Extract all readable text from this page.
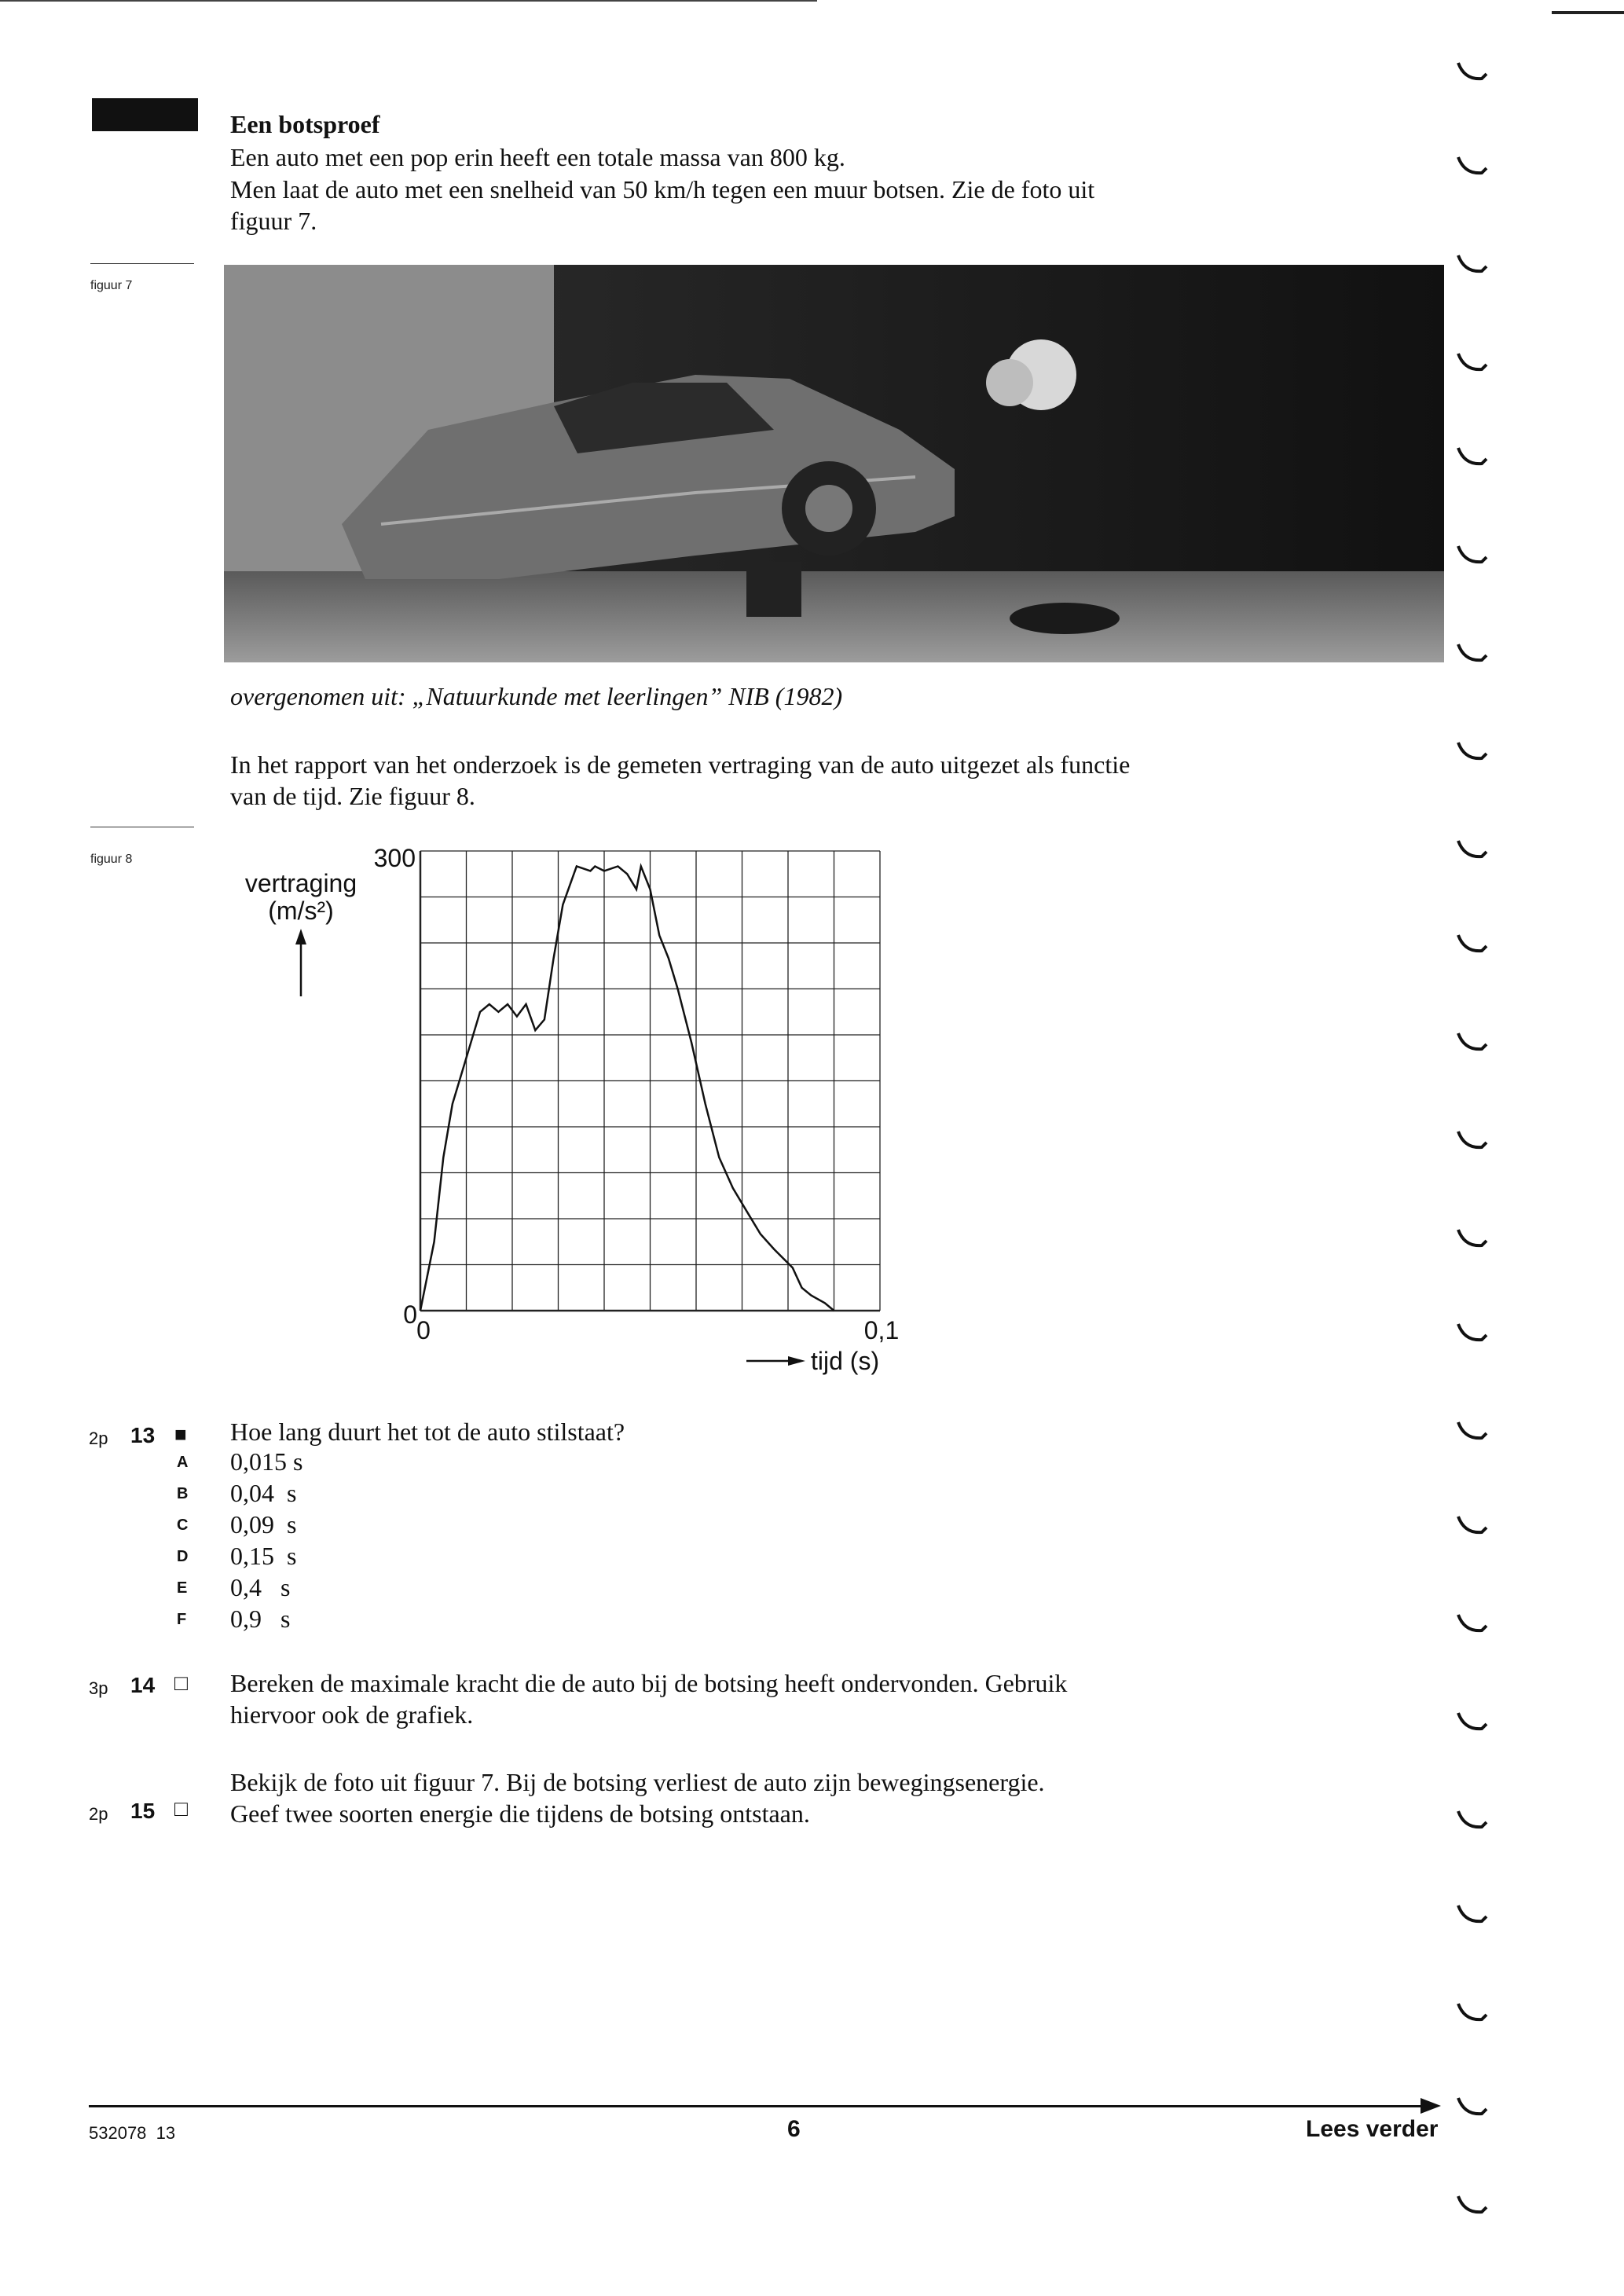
Een botsproef
Een auto met een pop erin heeft een totale massa van 800 kg.
Men laat de auto met een snelheid van 50 km/h tegen een muur botsen. Zie de foto uit
figuur 7.
figuur 7
overgenomen uit: „Natuurkunde met leerlingen” NIB (1982)
In het rapport van het onderzoek is de gemeten vertraging van de auto uitgezet als functie
van de tijd. Zie figuur 8.
figuur 8
vertraging
(m/s²)
300
0
0	0,1
tijd (s)
2p 13 ■ Hoe lang duurt het tot de auto stilstaat?
A 0,015 s
B 0,04  s
C 0,09  s
D 0,15  s
E 0,4   s
F 0,9   s
3p 14 □ Bereken de maximale kracht die de auto bij de botsing heeft ondervonden. Gebruik
hiervoor ook de grafiek.
Bekijk de foto uit figuur 7. Bij de botsing verliest de auto zijn bewegingsenergie.
2p 15 □ Geef twee soorten energie die tijdens de botsing ontstaan.
532078  13	6	Lees verder
